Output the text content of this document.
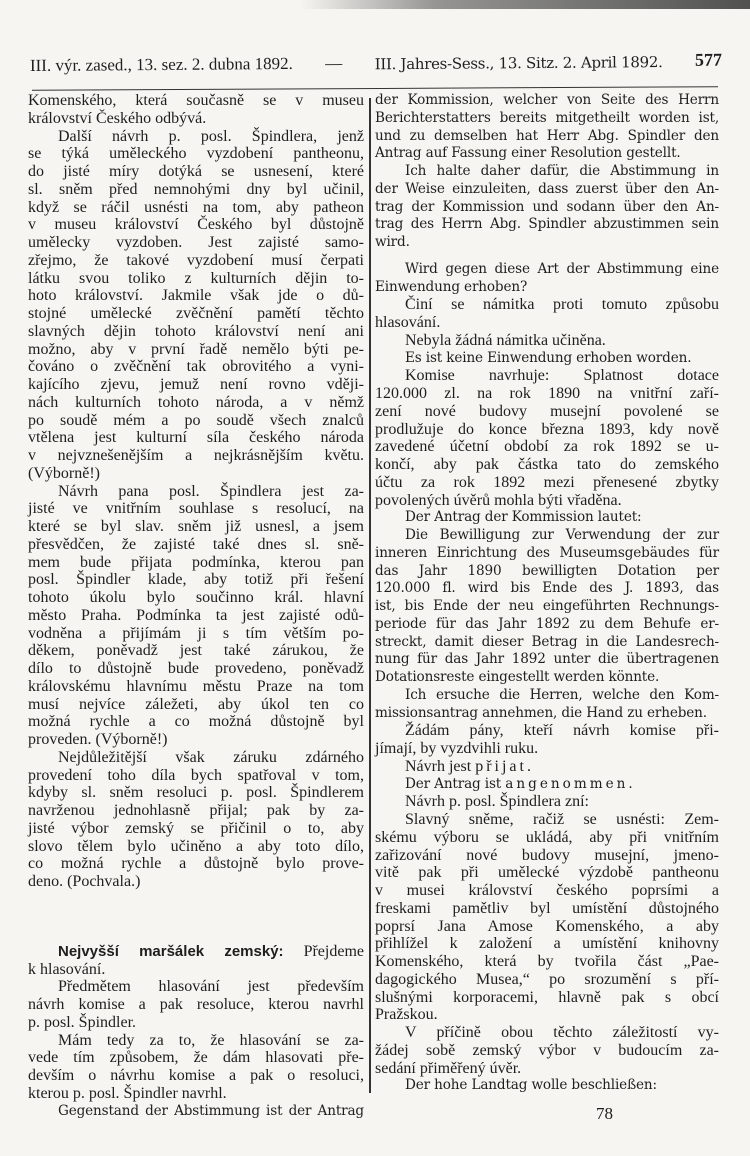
III. výr. zased., 13. sez. 2. dubna 1892. — III. Jahres-Sess., 13. Sitz. 2. April 1892. 577
Komenského, která současně se v museu
království Českého odbývá.
Další návrh p. posl. Špindlera, jenž
se týká uměleckého vyzdobení pantheonu,
do jisté míry dotýká se usnesení, které
sl. sněm před nemnohými dny byl učinil,
když se ráčil usnésti na tom, aby patheon
v museu království Českého byl důstojně
umělecky vyzdoben. Jest zajisté samo-
zřejmo, že takové vyzdobení musí čerpati
látku svou toliko z kulturních dějin to-
hoto království. Jakmile však jde o dů-
stojné umělecké zvěčnění pamětí těchto
slavných dějin tohoto království není ani
možno, aby v první řadě nemělo býti pe-
čováno o zvěčnění tak obrovitého a vyni-
kajícího zjevu, jemuž není rovno vději-
nách kulturních tohoto národa, a v němž
po soudě mém a po soudě všech znalců
vtělena jest kulturní síla českého národa
v nejvznešenějším a nejkrásnějším květu.
(Výborně!)
Návrh pana posl. Špindlera jest za-
jisté ve vnitřním souhlase s resolucí, na
které se byl slav. sněm již usnesl, a jsem
přesvědčen, že zajisté také dnes sl. sně-
mem bude přijata podmínka, kterou pan
posl. Špindler klade, aby totiž při řešení
tohoto úkolu bylo součinno král. hlavní
město Praha. Podmínka ta jest zajisté odů-
vodněna a přijímám ji s tím větším po-
děkem, poněvadž jest také zárukou, že
dílo to důstojně bude provedeno, poněvadž
královskému hlavnímu městu Praze na tom
musí nejvíce záležeti, aby úkol ten co
možná rychle a co možná důstojně byl
proveden. (Výborně!)
Nejdůležitější však záruku zdárného
provedení toho díla bych spatřoval v tom,
kdyby sl. sněm resoluci p. posl. Špindlerem
navrženou jednohlasně přijal; pak by za-
jisté výbor zemský se přičinil o to, aby
slovo tělem bylo učiněno a aby toto dílo,
co možná rychle a důstojně bylo prove-
deno. (Pochvala.)
Nejvyšší maršálek zemský: Přejdeme
k hlasování.
Předmětem hlasování jest především
návrh komise a pak resoluce, kterou navrhl
p. posl. Špindler.
Mám tedy za to, že hlasování se za-
vede tím způsobem, že dám hlasovati pře-
devším o návrhu komise a pak o resoluci,
kterou p. posl. Špindler navrhl.
Gegenstand der Abstimmung ist der Antrag
der Kommission, welcher von Seite des Herrn
Berichterstatters bereits mitgetheilt worden ist,
und zu demselben hat Herr Abg. Spindler den
Antrag auf Fassung einer Resolution gestellt.
Ich halte daher dafür, die Abstimmung in
der Weise einzuleiten, dass zuerst über den An-
trag der Kommission und sodann über den An-
trag des Herrn Abg. Spindler abzustimmen sein
wird.
Wird gegen diese Art der Abstimmung eine
Einwendung erhoben?
Činí se námitka proti tomuto způsobu
hlasování.
Nebyla žádná námitka učiněna.
Es ist keine Einwendung erhoben worden.
Komise navrhuje: Splatnost dotace
120.000 zl. na rok 1890 na vnitřní zaří-
zení nové budovy musejní povolené se
prodlužuje do konce března 1893, kdy nově
zavedené účetní období za rok 1892 se u-
končí, aby pak částka tato do zemského
účtu za rok 1892 mezi přenesené zbytky
povolených úvěrů mohla býti vřaděna.
Der Antrag der Kommission lautet:
Die Bewilligung zur Verwendung der zur
inneren Einrichtung des Museumsgebäudes für
das Jahr 1890 bewilligten Dotation per
120.000 fl. wird bis Ende des J. 1893, das
ist, bis Ende der neu eingeführten Rechnungs-
periode für das Jahr 1892 zu dem Behufe er-
streckt, damit dieser Betrag in die Landesrech-
nung für das Jahr 1892 unter die übertragenen
Dotationsreste eingestellt werden könnte.
Ich ersuche die Herren, welche den Kom-
missionsantrag annehmen, die Hand zu erheben.
Žádám pány, kteří návrh komise při-
jímají, by vyzdvihli ruku.
Návrh jest přijat.
Der Antrag ist angenommen.
Návrh p. posl. Špindlera zní:
Slavný sněme, račiž se usnésti: Zem-
skému výboru se ukládá, aby při vnitřním
zařizování nové budovy musejní, jmeno-
vitě pak při umělecké výzdobě pantheonu
v musei království českého poprsími a
freskami pamětliv byl umístění důstojného
poprsí Jana Amose Komenského, a aby
přihlížel k založení a umístění knihovny
Komenského, která by tvořila část „Pae-
dagogického Musea,“ po srozumění s pří-
slušnými korporacemi, hlavně pak s obcí
Pražskou.
V příčině obou těchto záležitostí vy-
žádej sobě zemský výbor v budoucím za-
sedání přiměřený úvěr.
Der hohe Landtag wolle beschließen:
78
